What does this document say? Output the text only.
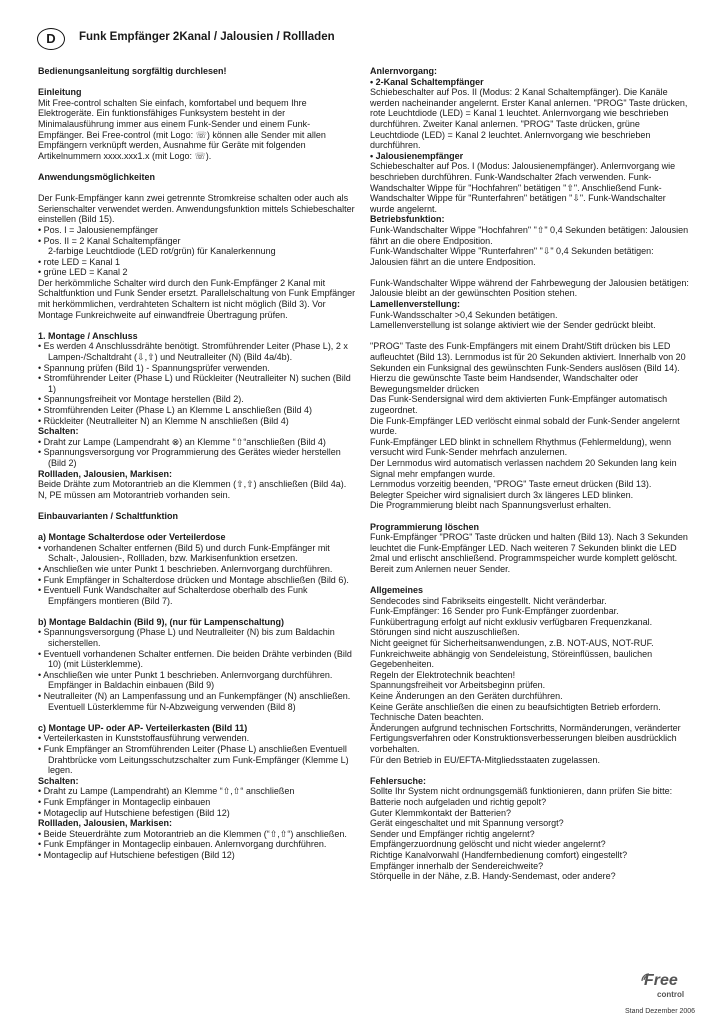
D	Funk Empfänger 2Kanal / Jalousien / Rollladen

Bedienungsanleitung sorgfältig durchlesen!

Einleitung

Mit Free-control schalten Sie einfach, komfortabel und bequem Ihre Elektrogeräte. Ein funktionsfähiges Funksystem besteht in der Minimalausführung immer aus einem Funk-Sender und einem Funk-Empfänger. Bei Free-control (mit Logo: ☏) können alle Sender mit allen Empfängern verknüpft werden, Ausnahme für Geräte mit folgenden Artikelnummern xxxx.xxx1.x (mit Logo: ☏).

Anwendungsmöglichkeiten

Der Funk-Empfänger kann zwei getrennte Stromkreise schalten oder auch als Serienschalter verwendet werden. Anwendungsfunktion mittels Schiebeschalter einstellen (Bild 15).

• Pos. I = Jalousienempfänger

• Pos. II = 2 Kanal Schaltempfänger

2-farbige Leuchtdiode (LED rot/grün) für Kanalerkennung

• rote LED = Kanal 1

• grüne LED = Kanal 2

Der herkömmliche Schalter wird durch den Funk-Empfänger 2 Kanal mit Schaltfunktion und Funk Sender ersetzt. Parallelschaltung von Funk Empfänger mit herkömmlichen, verdrahteten Schaltern ist nicht möglich (Bild 3). Vor Montage Funkreichweite auf einwandfreie Übertragung prüfen.

1. Montage / Anschluss

• Es werden 4 Anschlussdrähte benötigt. Stromführender Leiter (Phase L), 2 x Lampen-/Schaltdraht (⇩,⇧) und Neutralleiter (N) (Bild 4a/4b).

• Spannung prüfen (Bild 1) - Spannungsprüfer verwenden.

• Stromführender Leiter (Phase L) und Rückleiter (Neutralleiter N) suchen (Bild 1)

• Spannungsfreiheit vor Montage herstellen (Bild 2).

• Stromführenden Leiter (Phase L) an Klemme L anschließen (Bild 4)

• Rückleiter (Neutralleiter N) an Klemme N anschließen (Bild 4)

Schalten:

• Draht zur Lampe (Lampendraht ⊗) an Klemme “⇧“anschließen (Bild 4)

• Spannungsversorgung vor Programmierung des Gerätes wieder herstellen (Bild 2)

Rollladen, Jalousien, Markisen:

Beide Drähte zum Motorantrieb an die Klemmen (⇧,⇧) anschließen (Bild 4a). N, PE müssen am Motorantrieb vorhanden sein.

Einbauvarianten / Schaltfunktion

a) Montage Schalterdose oder Verteilerdose

• vorhandenen Schalter entfernen (Bild 5) und durch Funk-Empfänger mit Schalt-, Jalousien-, Rollladen, bzw. Markisenfunktion ersetzen.

• Anschließen wie unter Punkt 1 beschrieben. Anlernvorgang durchführen.

• Funk Empfänger in Schalterdose drücken und Montage abschließen (Bild 6).

• Eventuell Funk Wandschalter auf Schalterdose oberhalb des Funk Empfängers montieren (Bild 7).

b) Montage Baldachin (Bild 9), (nur für Lampenschaltung)

• Spannungsversorgung (Phase L) und Neutralleiter (N) bis zum Baldachin sicherstellen.

• Eventuell vorhandenen Schalter entfernen. Die beiden Drähte verbinden (Bild 10) (mit Lüsterklemme).

• Anschließen wie unter Punkt 1 beschrieben. Anlernvorgang durchführen. Empfänger in Baldachin einbauen (Bild 9)

• Neutralleiter (N) an Lampenfassung und an Funkempfänger (N) anschließen. Eventuell Lüsterklemme für N-Abzweigung verwenden (Bild 8)

c) Montage UP- oder AP- Verteilerkasten (Bild 11)

• Verteilerkasten in Kunststoffausführung verwenden.

• Funk Empfänger an Stromführenden Leiter (Phase L) anschließen Eventuell Drahtbrücke vom Leitungsschutzschalter zum Funk-Empfänger (Klemme L) legen.

Schalten:

• Draht zu Lampe (Lampendraht) an Klemme “⇧,⇧“ anschließen

• Funk Empfänger in Montageclip einbauen

• Motageclip auf Hutschiene befestigen (Bild 12)

Rollladen, Jalousien, Markisen:

• Beide Steuerdrähte zum Motorantrieb an die Klemmen (“⇧,⇧“) anschließen.

• Funk Empfänger in Montageclip einbauen. Anlernvorgang durchführen.

• Montageclip auf Hutschiene befestigen (Bild 12)

Anlernvorgang:

• 2-Kanal Schaltempfänger

Schiebeschalter auf Pos. II (Modus: 2 Kanal Schaltempfänger). Die Kanäle werden nacheinander angelernt. Erster Kanal anlernen. "PROG" Taste drücken, rote Leuchtdiode (LED) = Kanal 1 leuchtet. Anlernvorgang wie beschrieben durchführen. Zweiter Kanal anlernen. "PROG" Taste drücken, grüne Leuchtdiode (LED) = Kanal 2 leuchtet. Anlernvorgang wie beschrieben durchführen.

• Jalousienempfänger

Schiebeschalter auf Pos. I (Modus: Jalousienempfänger). Anlernvorgang wie beschrieben durchführen. Funk-Wandschalter 2fach verwenden. Funk-Wandschalter Wippe für "Hochfahren" betätigen "⇧". Anschließend Funk-Wandschalter Wippe für "Runterfahren" betätigen "⇩". Funk-Wandschalter wurde angelernt.

Betriebsfunktion:

Funk-Wandschalter Wippe "Hochfahren" "⇧" 0,4 Sekunden betätigen: Jalousien fährt an die obere Endposition.

Funk-Wandschalter Wippe "Runterfahren" "⇩" 0,4 Sekunden betätigen: Jalousien fährt an die untere Endposition.

Funk-Wandschalter Wippe während der Fahrbewegung der Jalousien betätigen: Jalousie bleibt an der gewünschten Position stehen.

Lamellenverstellung:

Funk-Wandsschalter >0,4 Sekunden betätigen.

Lamellenverstellung ist solange aktiviert wie der Sender gedrückt bleibt.

"PROG" Taste des Funk-Empfängers mit einem Draht/Stift drücken bis LED aufleuchtet (Bild 13). Lernmodus ist für 20 Sekunden aktiviert. Innerhalb von 20 Sekunden ein Funksignal des gewünschten Funk-Senders auslösen (Bild 14). Hierzu die gewünschte Taste beim Handsender, Wandschalter oder Bewegungsmelder drücken

Das Funk-Sendersignal wird dem aktivierten Funk-Empfänger automatisch zugeordnet.

Die Funk-Empfänger LED verlöscht einmal sobald der Funk-Sender angelernt wurde.

Funk-Empfänger LED blinkt in schnellem Rhythmus (Fehlermeldung), wenn versucht wird Funk-Sender mehrfach anzulernen.

Der Lernmodus wird automatisch verlassen nachdem 20 Sekunden lang kein Signal mehr empfangen wurde.

Lernmodus vorzeitig beenden, "PROG" Taste erneut drücken (Bild 13).

Belegter Speicher wird signalisiert durch 3x längeres LED blinken.

Die Programmierung bleibt nach Spannungsverlust erhalten.

Programmierung löschen

Funk-Empfänger "PROG" Taste drücken und halten (Bild 13). Nach 3 Sekunden leuchtet die Funk-Empfänger LED. Nach weiteren 7 Sekunden blinkt die LED 2mal und erlischt anschließend. Programmspeicher wurde komplett gelöscht. Bereit zum Anlernen neuer Sender.

Allgemeines

Sendecodes sind Fabrikseits eingestellt. Nicht veränderbar.

Funk-Empfänger: 16 Sender pro Funk-Empfänger zuordenbar.

Funkübertragung erfolgt auf nicht exklusiv verfügbaren Frequenzkanal.

Störungen sind nicht auszuschließen.

Nicht geeignet für Sicherheitsanwendungen, z.B. NOT-AUS, NOT-RUF.

Funkreichweite abhängig von Sendeleistung, Störeinflüssen, baulichen Gegebenheiten.

Regeln der Elektrotechnik beachten!

Spannungsfreiheit vor Arbeitsbeginn prüfen.

Keine Änderungen an den Geräten durchführen.

Keine Geräte anschließen die einen zu beaufsichtigten Betrieb erfordern.

Technische Daten beachten.

Änderungen aufgrund technischen Fortschritts, Normänderungen, veränderter Fertigungsverfahren oder Konstruktionsverbesserungen bleiben ausdrücklich vorbehalten.

Für den Betrieb in EU/EFTA-Mitgliedsstaaten zugelassen.

Fehlersuche:

Sollte Ihr System nicht ordnungsgemäß funktionieren, dann prüfen Sie bitte:

Batterie noch aufgeladen und richtig gepolt?

Guter Klemmkontakt der Batterien?

Gerät eingeschaltet und mit Spannung versorgt?

Sender und Empfänger richtig angelernt?

Empfängerzuordnung gelöscht und nicht wieder angelernt?

Richtige Kanalvorwahl (Handfernbedienung comfort) eingestellt?

Empfänger innerhalb der Sendereichweite?

Störquelle in der Nähe, z.B. Handy-Sendemast, oder andere?

Free
control
Stand Dezember 2006
